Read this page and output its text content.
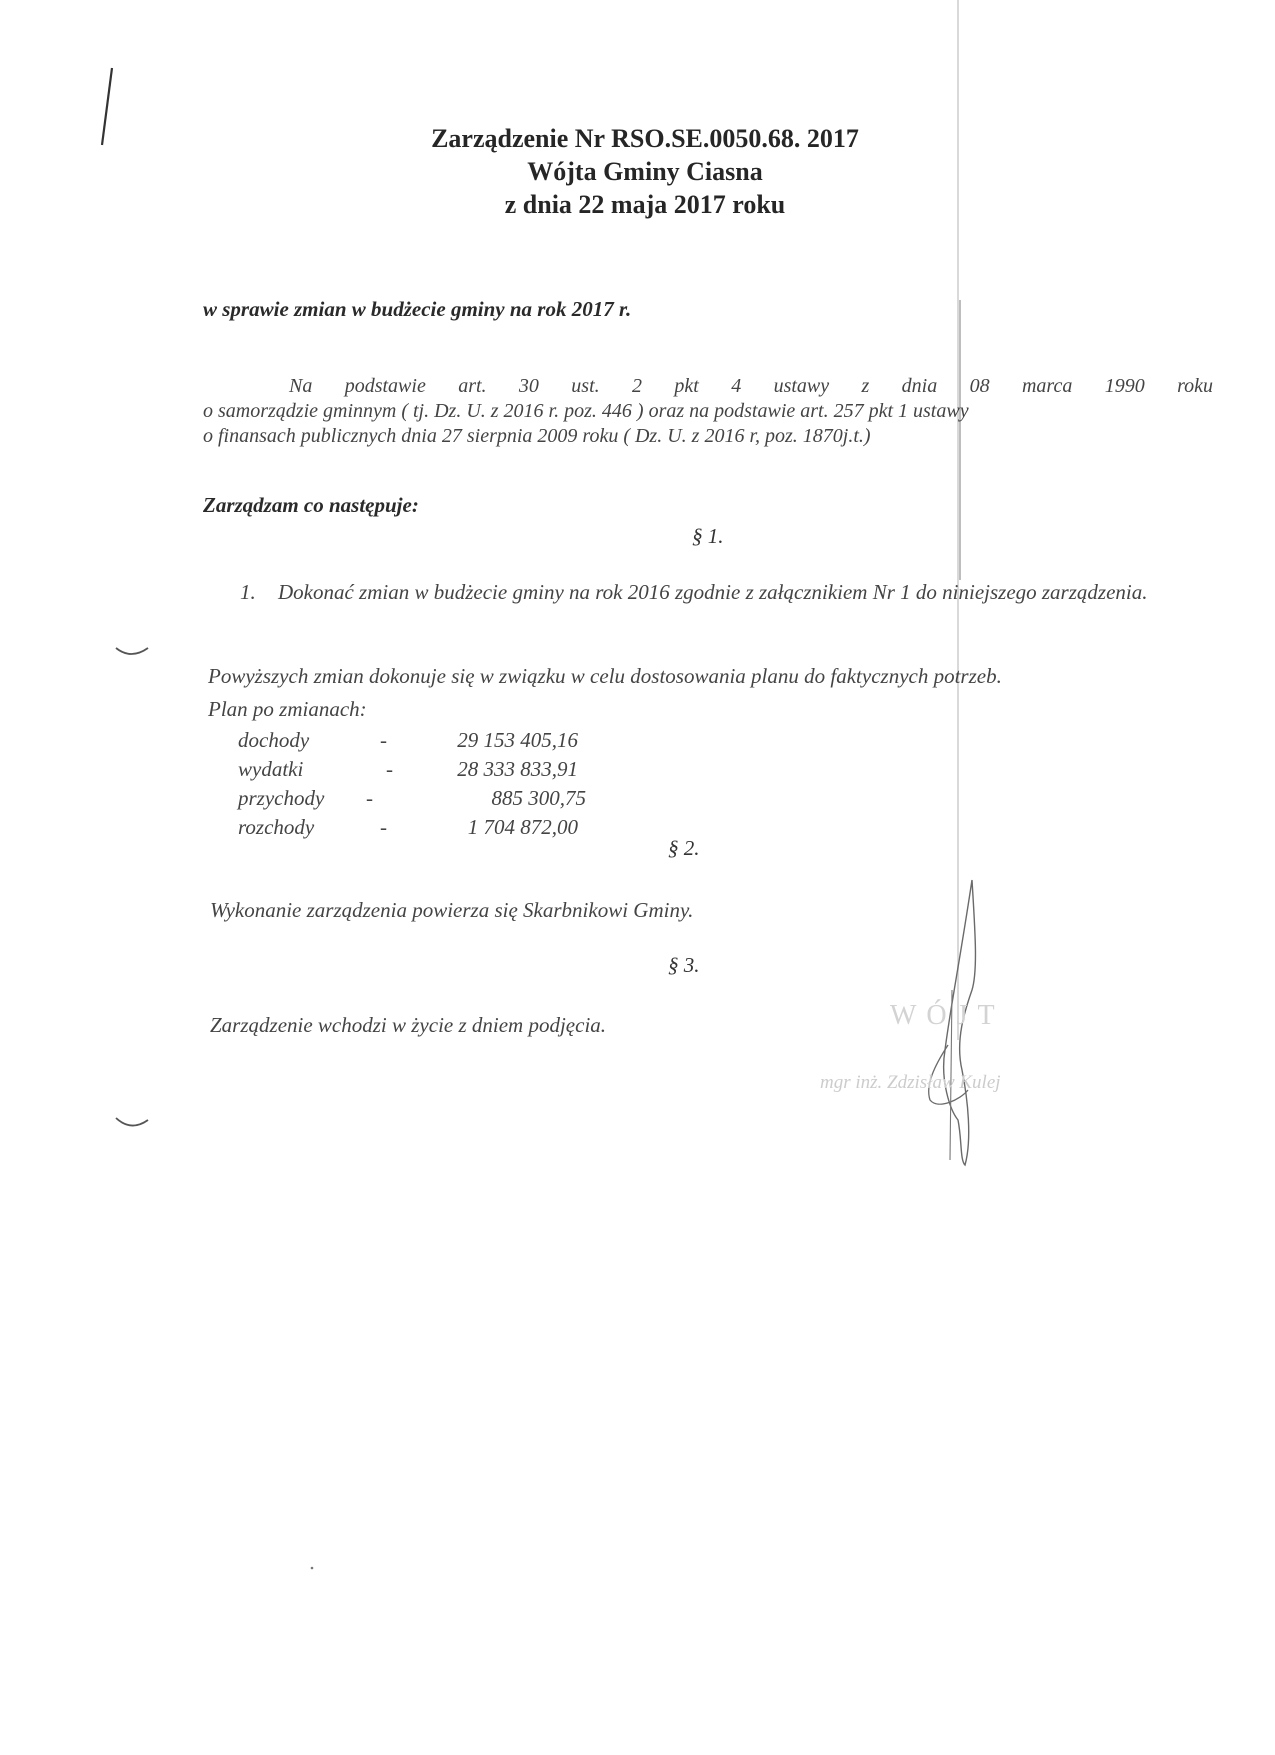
Zarządzenie Nr RSO.SE.0050.68. 2017
Wójta Gminy Ciasna
z dnia 22 maja 2017 roku
w sprawie zmian w budżecie gminy na rok 2017 r.
Na podstawie art. 30 ust. 2 pkt 4 ustawy z dnia 08 marca 1990 roku
o samorządzie gminnym ( tj. Dz. U. z 2016 r. poz. 446 ) oraz na podstawie art. 257 pkt 1 ustawy
o finansach publicznych dnia 27 sierpnia 2009 roku ( Dz. U. z 2016 r, poz. 1870j.t.)
Zarządzam co następuje:
§ 1.
1. Dokonać zmian w budżecie gminy na rok 2016 zgodnie z załącznikiem Nr 1 do niniejszego zarządzenia.
Powyższych zmian dokonuje się w związku w celu dostosowania planu do faktycznych potrzeb.
Plan po zmianach:
dochody	-	29 153 405,16
wydatki	-	28 333 833,91
przychody -	885 300,75
rozchody	-	1 704 872,00
§ 2.
Wykonanie zarządzenia powierza się Skarbnikowi Gminy.
§ 3.
Zarządzenie wchodzi w życie z dniem podjęcia.	WÓJT
mgr inż. Zdzisław Kulej
